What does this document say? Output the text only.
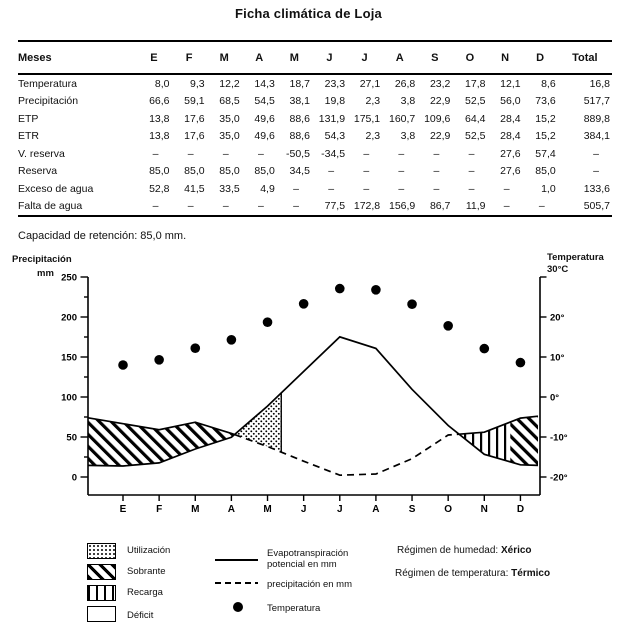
Ficha climática de Loja
Meses	E	F	M	A	M	J	J	A	S	O	N	D	Total
Temperatura	8,0	9,3	12,2	14,3	18,7	23,3	27,1	26,8	23,2	17,8	12,1	8,6	16,8
Precipitación	66,6	59,1	68,5	54,5	38,1	19,8	2,3	3,8	22,9	52,5	56,0	73,6	517,7
ETP	13,8	17,6	35,0	49,6	88,6	131,9	175,1	160,7	109,6	64,4	28,4	15,2	889,8
ETR	13,8	17,6	35,0	49,6	88,6	54,3	2,3	3,8	22,9	52,5	28,4	15,2	384,1
V. reserva	–	–	–	–	-50,5	-34,5	–	–	–	–	27,6	57,4	–
Reserva	85,0	85,0	85,0	85,0	34,5	–	–	–	–	–	27,6	85,0	–
Exceso de agua	52,8	41,5	33,5	4,9	–	–	–	–	–	–	–	1,0	133,6
Falta de agua	–	–	–	–	–	77,5	172,8	156,9	86,7	11,9	–	–	505,7
Capacidad de retención: 85,0 mm.
0
50
100
150
200
250
20°
10°
0°
-10°
-20°
E	F	M	A	M	J	J	A	S	O	N	D
Precipitación
mm
Temperatura
30°C
Utilización
Sobrante
Recarga
Déficit
Evapotranspiración potencial en mm
precipitación en mm
Temperatura
Régimen de humedad: Xérico
Régimen de temperatura: Térmico
